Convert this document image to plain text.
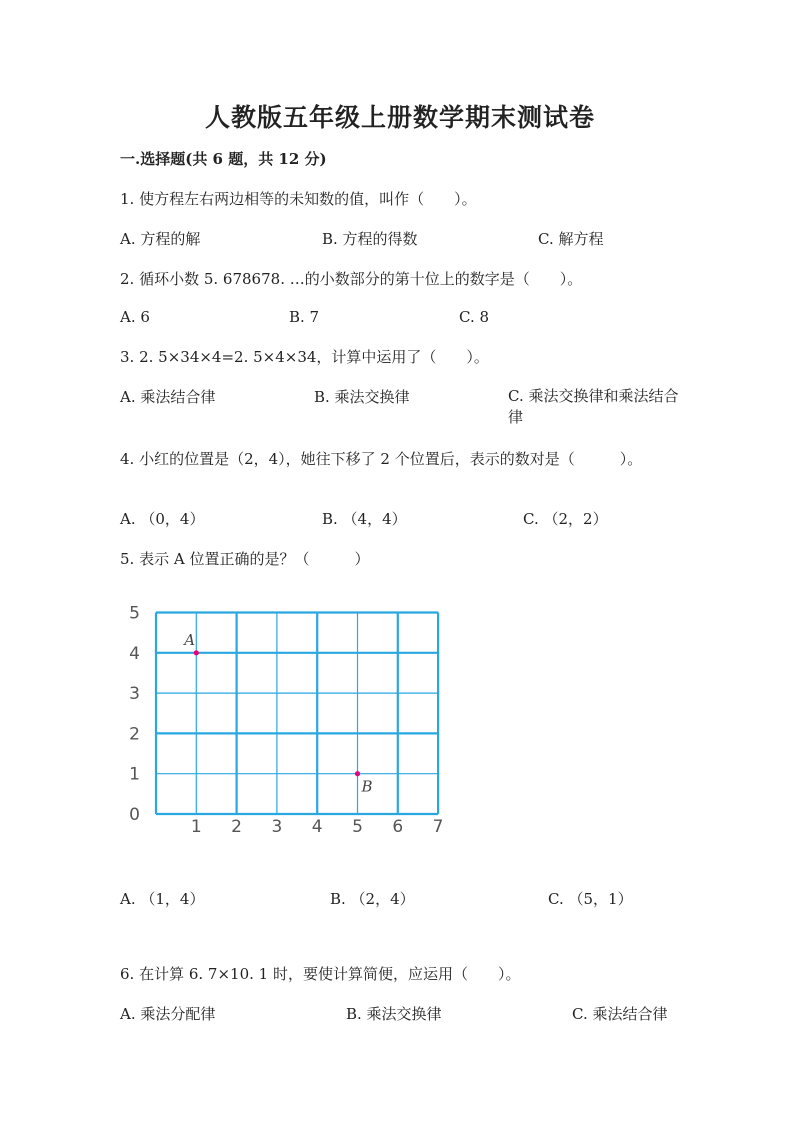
人教版五年级上册数学期末测试卷
一.选择题(共 6 题，共 12 分)
1. 使方程左右两边相等的未知数的值，叫作（　　）。
A. 方程的解	B. 方程的得数	C. 解方程
2. 循环小数 5. 678678. …的小数部分的第十位上的数字是（　　）。
A. 6	B. 7	C. 8
3. 2. 5×34×4=2. 5×4×34，计算中运用了（　　）。
A. 乘法结合律	B. 乘法交换律	C. 乘法交换律和乘法结合律
4. 小红的位置是（2，4），她往下移了 2 个位置后，表示的数对是（　　　）。
A. （0，4）	B. （4，4）	C. （2，2）
5. 表示 A 位置正确的是？（　　　）
1 2 3 4 5 6 7
0
1
2
3
4
5
A
B
A. （1，4）	B. （2，4）	C. （5，1）
6. 在计算 6. 7×10. 1 时，要使计算简便，应运用（　　）。
A. 乘法分配律	B. 乘法交换律	C. 乘法结合律
